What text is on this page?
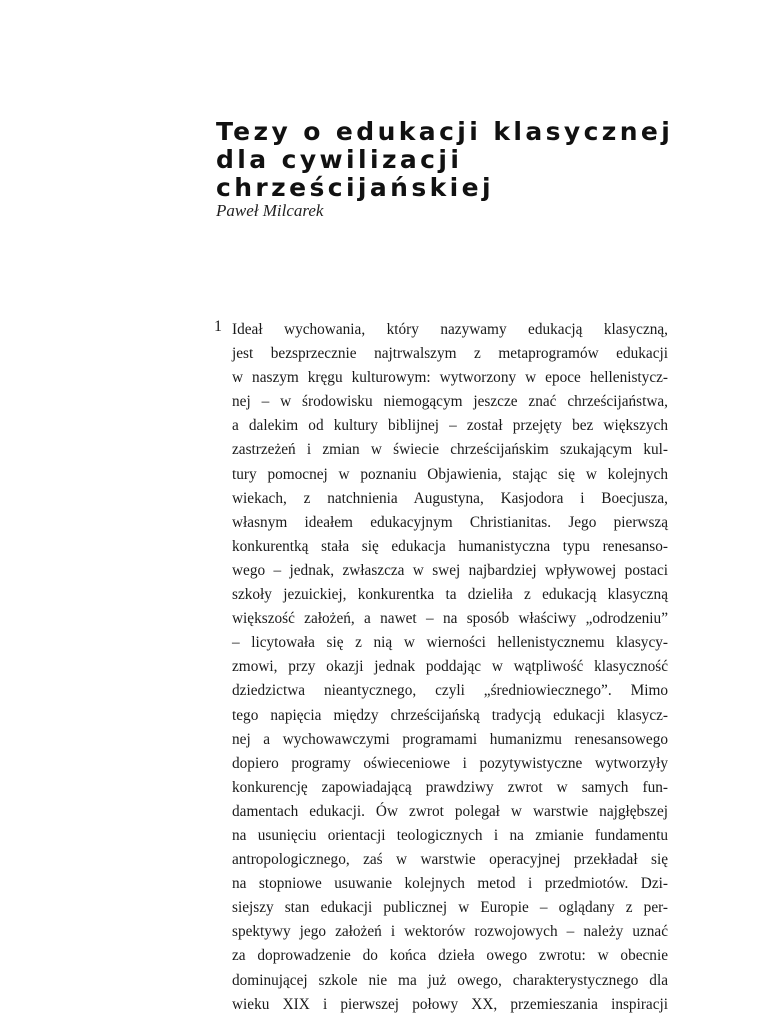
Tezy o edukacji klasycznej
dla cywilizacji
chrześcijańskiej

Paweł Milcarek

1 Ideał wychowania, który nazywamy edukacją klasyczną,
jest bezsprzecznie najtrwalszym z metaprogramów edukacji
w naszym kręgu kulturowym: wytworzony w epoce hellenistycz-
nej – w środowisku niemogącym jeszcze znać chrześcijaństwa,
a dalekim od kultury biblijnej – został przejęty bez większych
zastrzeżeń i zmian w świecie chrześcijańskim szukającym kul-
tury pomocnej w poznaniu Objawienia, stając się w kolejnych
wiekach, z natchnienia Augustyna, Kasjodora i Boecjusza,
własnym ideałem edukacyjnym Christianitas. Jego pierwszą
konkurentką stała się edukacja humanistyczna typu renesanso-
wego – jednak, zwłaszcza w swej najbardziej wpływowej postaci
szkoły jezuickiej, konkurentka ta dzieliła z edukacją klasyczną
większość założeń, a nawet – na sposób właściwy „odrodzeniu”
– licytowała się z nią w wierności hellenistycznemu klasycy-
zmowi, przy okazji jednak poddając w wątpliwość klasyczność
dziedzictwa nieantycznego, czyli „średniowiecznego”. Mimo
tego napięcia między chrześcijańską tradycją edukacji klasycz-
nej a wychowawczymi programami humanizmu renesansowego
dopiero programy oświeceniowe i pozytywistyczne wytworzyły
konkurencję zapowiadającą prawdziwy zwrot w samych fun-
damentach edukacji. Ów zwrot polegał w warstwie najgłębszej
na usunięciu orientacji teologicznych i na zmianie fundamentu
antropologicznego, zaś w warstwie operacyjnej przekładał się
na stopniowe usuwanie kolejnych metod i przedmiotów. Dzi-
siejszy stan edukacji publicznej w Europie – oglądany z per-
spektywy jego założeń i wektorów rozwojowych – należy uznać
za doprowadzenie do końca dzieła owego zwrotu: w obecnie
dominującej szkole nie ma już owego, charakterystycznego dla
wieku XIX i pierwszej połowy XX, przemieszania inspiracji
